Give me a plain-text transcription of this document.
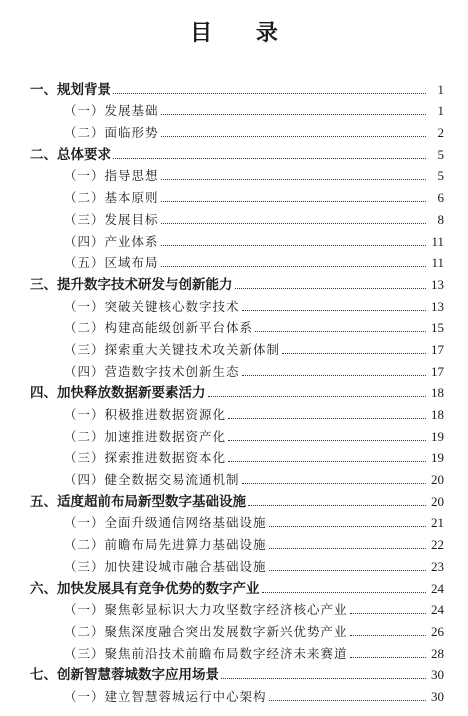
目 录
一、规划背景	1
（一）发展基础	1
（二）面临形势	2
二、总体要求	5
（一）指导思想	5
（二）基本原则	6
（三）发展目标	8
（四）产业体系	11
（五）区域布局	11
三、提升数字技术研发与创新能力	13
（一）突破关键核心数字技术	13
（二）构建高能级创新平台体系	15
（三）探索重大关键技术攻关新体制	17
（四）营造数字技术创新生态	17
四、加快释放数据新要素活力	18
（一）积极推进数据资源化	18
（二）加速推进数据资产化	19
（三）探索推进数据资本化	19
（四）健全数据交易流通机制	20
五、适度超前布局新型数字基础设施	20
（一）全面升级通信网络基础设施	21
（二）前瞻布局先进算力基础设施	22
（三）加快建设城市融合基础设施	23
六、加快发展具有竞争优势的数字产业	24
（一）聚焦彰显标识大力攻坚数字经济核心产业	24
（二）聚焦深度融合突出发展数字新兴优势产业	26
（三）聚焦前沿技术前瞻布局数字经济未来赛道	28
七、创新智慧蓉城数字应用场景	30
（一）建立智慧蓉城运行中心架构	30
